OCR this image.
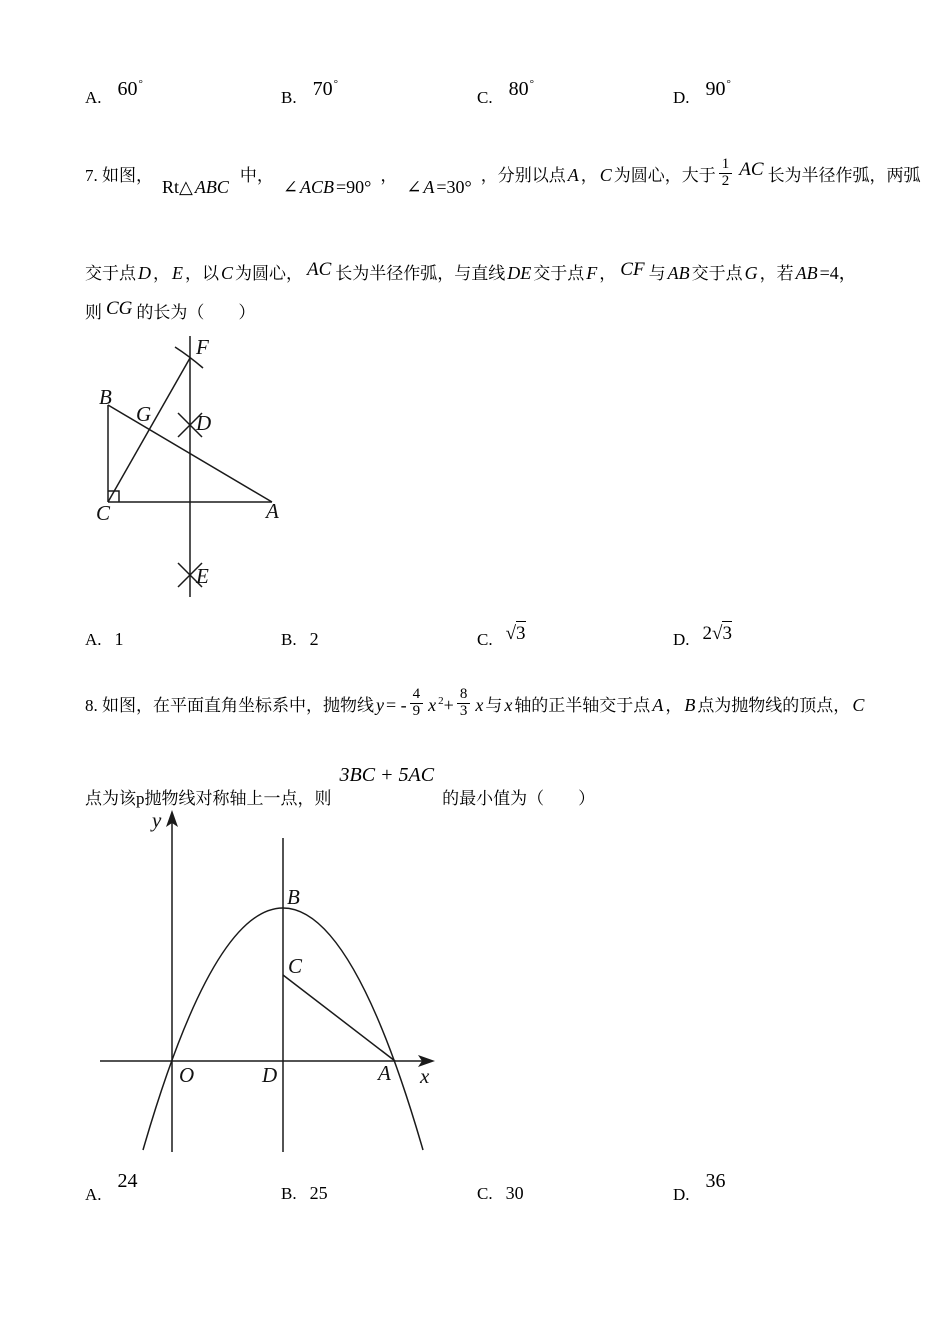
A. 60°
B. 70°
C. 80°
D. 90°
7. 如图，Rt△ ABC中，∠ ACB =90°，∠ A =30°，分别以点 A ， C 为圆心，大于 $\frac{1}{2}$ AC 长为半径作弧，两弧
交于点 D ， E ，以 C 为圆心， AC 长为半径作弧，与直线 DE 交于点 F ， CF 与 AB 交于点 G ，若 AB =4，
则 CG 的长为（　　）
F
B
G D
C	A
E
A. 1	B. 2	C. √3	D. 2√3
8. 如图，在平面直角坐标系中，抛物线 y = - $\frac{4}{9}$ x $^2+ \frac{8}{3}$ x 与 x 轴的正半轴交于点 A ， B 点为抛物线的顶点， C
点为该p抛物线对称轴上一点，则3BC + 5AC的最小值为（　　）
y
x
B
C
O	D	A
A.24
B. 25	C. 30	D.36
